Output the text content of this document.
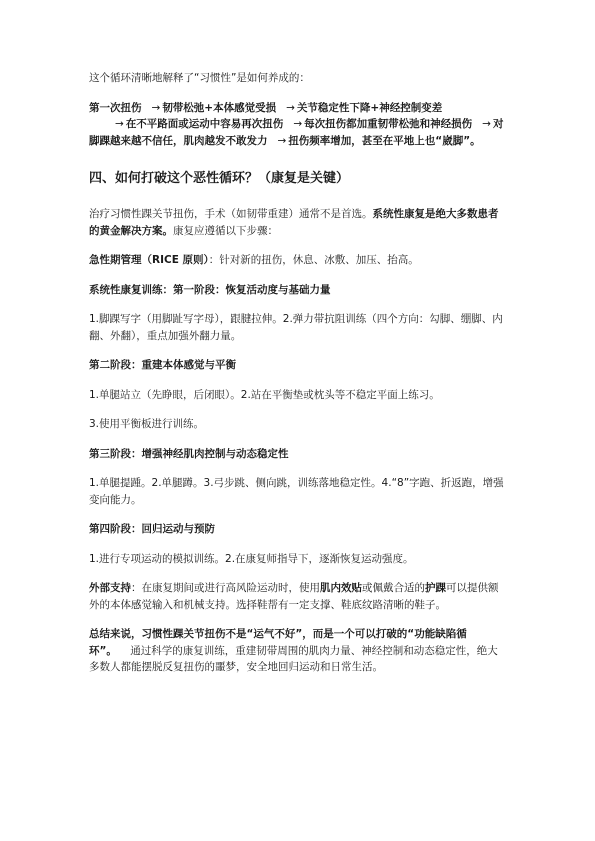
这个循环清晰地解释了“习惯性”是如何养成的：

第一次扭伤 → 韧带松弛+本体感觉受损 → 关节稳定性下降+神经控制变差
→ 在不平路面或运动中容易再次扭伤 → 每次扭伤都加重韧带松弛和神经损伤 → 对脚踝越来越不信任，肌肉越发不敢发力 → 扭伤频率增加，甚至在平地上也“崴脚”。

四、如何打破这个恶性循环？（康复是关键）

治疗习惯性踝关节扭伤，手术（如韧带重建）通常不是首选。系统性康复是绝大多数患者的黄金解决方案。康复应遵循以下步骤：

急性期管理（RICE 原则）：针对新的扭伤，休息、冰敷、加压、抬高。

系统性康复训练：第一阶段：恢复活动度与基础力量

1.脚踝写字（用脚趾写字母），跟腱拉伸。2.弹力带抗阻训练（四个方向：勾脚、绷脚、内翻、外翻），重点加强外翻力量。

第二阶段：重建本体感觉与平衡

1.单腿站立（先睁眼，后闭眼）。2.站在平衡垫或枕头等不稳定平面上练习。

3.使用平衡板进行训练。

第三阶段：增强神经肌肉控制与动态稳定性

1.单腿提踵。2.单腿蹲。3.弓步跳、侧向跳，训练落地稳定性。4.“8”字跑、折返跑，增强变向能力。

第四阶段：回归运动与预防

1.进行专项运动的模拟训练。2.在康复师指导下，逐渐恢复运动强度。

外部支持：在康复期间或进行高风险运动时，使用肌内效贴或佩戴合适的护踝可以提供额外的本体感觉输入和机械支持。选择鞋帮有一定支撑、鞋底纹路清晰的鞋子。

总结来说，习惯性踝关节扭伤不是“运气不好”，而是一个可以打破的“功能缺陷循环”。 通过科学的康复训练，重建韧带周围的肌肉力量、神经控制和动态稳定性，绝大多数人都能摆脱反复扭伤的噩梦，安全地回归运动和日常生活。
